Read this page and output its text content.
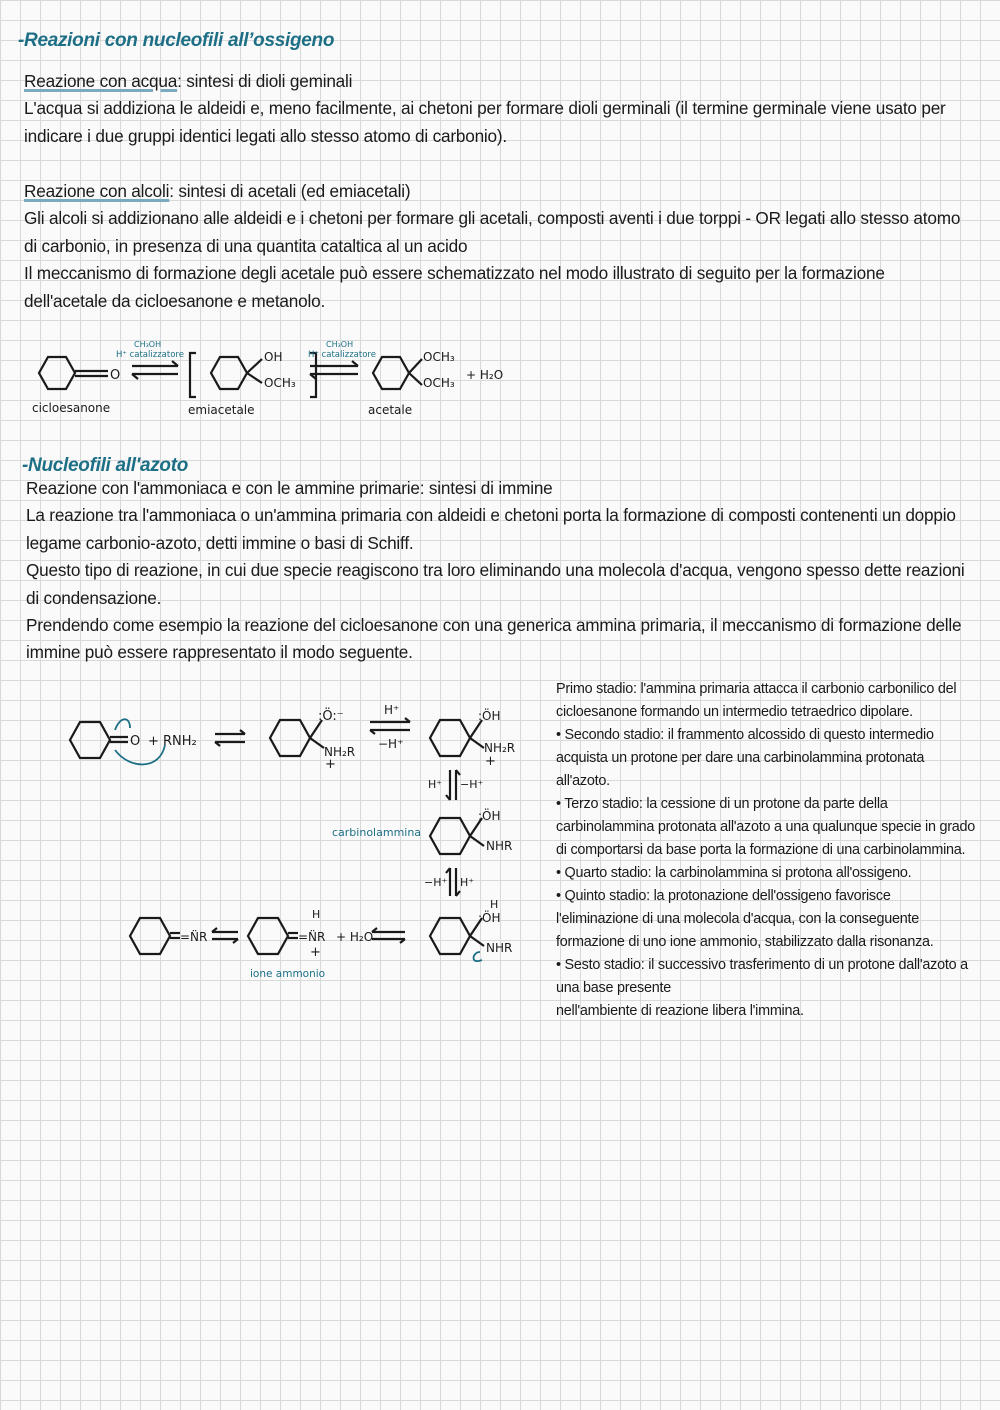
-Reazioni con nucleofili all’ossigeno

Reazione con acqua: sintesi di dioli geminali

L'acqua si addiziona le aldeidi e, meno facilmente, ai chetoni per formare dioli germinali (il termine germinale viene usato per indicare i due gruppi identici legati allo stesso atomo di carbonio).

Reazione con alcoli: sintesi di acetali (ed emiacetali)

Gli alcoli si addizionano alle aldeidi e i chetoni per formare gli acetali, composti aventi i due torppi - OR legati allo stesso atomo di carbonio, in presenza di una quantita cataltica al un acido

Il meccanismo di formazione degli acetale può essere schematizzato nel modo illustrato di seguito per la formazione dell'acetale da cicloesanone e metanolo.

O
CH₃OH
H⁺ catalizzatore	OH
OCH₃
CH₃OH
H⁺ catalizzatore	OCH₃
OCH₃
+ H₂O
cicloesanone	emiacetale	acetale
-Nucleofili all'azoto

Reazione con l'ammoniaca e con le ammine primarie: sintesi di immine

La reazione tra l'ammoniaca o un'ammina primaria con aldeidi e chetoni porta la formazione di composti contenenti un doppio legame carbonio-azoto, detti immine o basi di Schiff.

Questo tipo di reazione, in cui due specie reagiscono tra loro eliminando una molecola d'acqua, vengono spesso dette reazioni di condensazione.

Prendendo come esempio la reazione del cicloesanone con una generica ammina primaria, il meccanismo di formazione delle immine può essere rappresentato il modo seguente.

O + RNH₂
:Ö:⁻
NH₂R
+
H⁺
−H⁺
:ÖH
NH₂R
+
H⁺ −H⁺
:ÖH
NHR
carbinolammina
−H⁺ H⁺
H
:ÖH
NHR
=N̈R
H
=N̈R
+
+ H₂O
ione ammonio

Primo stadio: l'ammina primaria attacca il carbonio carbonilico del cicloesanone formando un intermedio tetraedrico dipolare.

• Secondo stadio: il frammento alcossido di questo intermedio acquista un protone per dare una carbinolammina protonata all'azoto.

• Terzo stadio: la cessione di un protone da parte della carbinolammina protonata all'azoto a una qualunque specie in grado di comportarsi da base porta la formazione di una carbinolammina.

• Quarto stadio: la carbinolammina si protona all'ossigeno.

• Quinto stadio: la protonazione dell'ossigeno favorisce l'eliminazione di una molecola d'acqua, con la conseguente formazione di uno ione ammonio, stabilizzato dalla risonanza.

• Sesto stadio: il successivo trasferimento di un protone dall'azoto a una base presente

nell'ambiente di reazione libera l'immina.
